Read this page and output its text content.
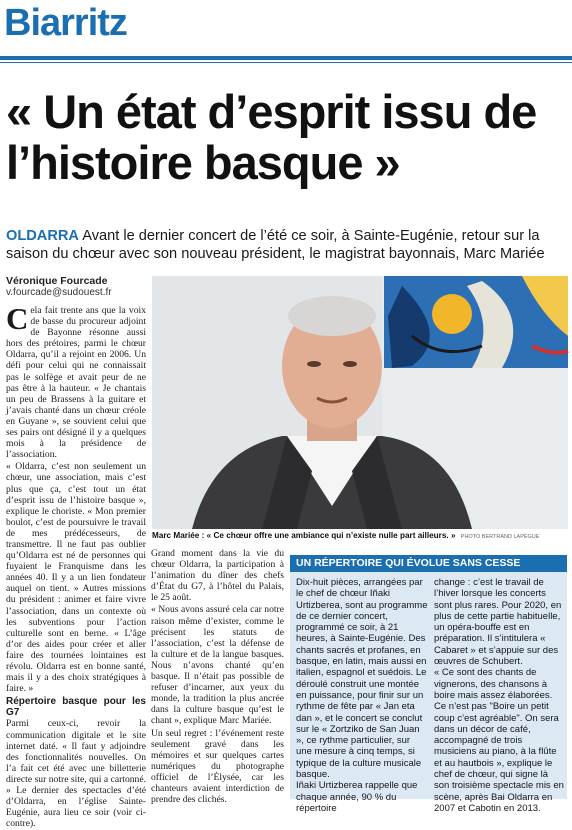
Biarritz
« Un état d’esprit issu de l’histoire basque »
OLDARRA Avant le dernier concert de l’été ce soir, à Sainte-Eugénie, retour sur la saison du chœur avec son nouveau président, le magistrat bayonnais, Marc Mariée
Véronique Fourcade
v.fourcade@sudouest.fr

Cela fait trente ans que la voix de basse du procureur adjoint de Bayonne résonne aussi hors des prétoires, parmi le chœur Oldarra, qu’il a rejoint en 2006. Un défi pour celui qui ne connaissait pas le solfège et avait peur de ne pas être à la hauteur. « Je chantais un peu de Brassens à la guitare et j’avais chanté dans un chœur créole en Guyane », se souvient celui que ses pairs ont désigné il y a quelques mois à la présidence de l’association.

« Oldarra, c’est non seulement un chœur, une association, mais c’est plus que ça, c’est tout un état d’esprit issu de l’histoire basque », explique le choriste. « Mon premier boulot, c’est de poursuivre le travail de mes prédécesseurs, de transmettre. Il ne faut pas oublier qu’Oldarra est né de personnes qui fuyaient le Franquisme dans les années 40. Il y a un lien fondateur auquel on tient. » Autres missions du président : animer et faire vivre l’association, dans un contexte où les subventions pour l’action culturelle sont en berne. « L’âge d’or des aides pour créer et aller faire des tournées lointaines est révolu. Oldarra est en bonne santé, mais il y a des choix stratégiques à faire. »

Répertoire basque pour les G7

Parmi ceux-ci, revoir la communication digitale et le site internet daté. « Il faut y adjoindre des fonctionnalités nouvelles. On l’a fait cet été avec une billetterie directe sur notre site, qui a cartonné. » Le dernier des spectacles d’été d’Oldarra, en l’église Sainte-Eugénie, aura lieu ce soir (voir ci-contre).

Marc Mariée : « Ce chœur offre une ambiance qui n’existe nulle part ailleurs. » PHOTO BERTRAND LAPÈGUE

Grand moment dans la vie du chœur Oldarra, la participation à l’animation du dîner des chefs d’État du G7, à l’hôtel du Palais, le 25 août.

« Nous avons assuré cela car notre raison même d’exister, comme le précisent les statuts de l’association, c’est la défense de la culture et de la langue basques. Nous n’avons chanté qu’en basque. Il n’était pas possible de refuser d’incarner, aux yeux du monde, la tradition la plus ancrée dans la culture basque qu’est le chant », explique Marc Mariée.

Un seul regret : l’événement reste seulement gravé dans les mémoires et sur quelques cartes numériques du photographe officiel de l’Élysée, car les chanteurs avaient interdiction de prendre des clichés.

UN RÉPERTOIRE QUI ÉVOLUE SANS CESSE

Dix-huit pièces, arrangées par le chef de chœur Iñaki Urtizberea, sont au programme de ce dernier concert, programmé ce soir, à 21 heures, à Sainte-Eugénie. Des chants sacrés et profanes, en basque, en latin, mais aussi en italien, espagnol et suédois. Le déroulé construit une montée en puissance, pour finir sur un rythme de fête par « Jan eta dan », et le concert se conclut sur le « Zortziko de San Juan », ce rythme particulier, sur une mesure à cinq temps, si typique de la culture musicale basque.

Iñaki Urtizberea rappelle que chaque année, 90 % du répertoire

change : c’est le travail de l’hiver lorsque les concerts sont plus rares. Pour 2020, en plus de cette partie habituelle, un opéra-bouffe est en préparation. Il s’intitulera « Cabaret » et s’appuie sur des œuvres de Schubert.

« Ce sont des chants de vignerons, des chansons à boire mais assez élaborées. Ce n’est pas "Boire un petit coup c’est agréable". On sera dans un décor de café, accompagné de trois musiciens au piano, à la flûte et au hautbois », explique le chef de chœur, qui signe là son troisième spectacle mis en scène, après Bai Oldarra en 2007 et Cabotin en 2013.
